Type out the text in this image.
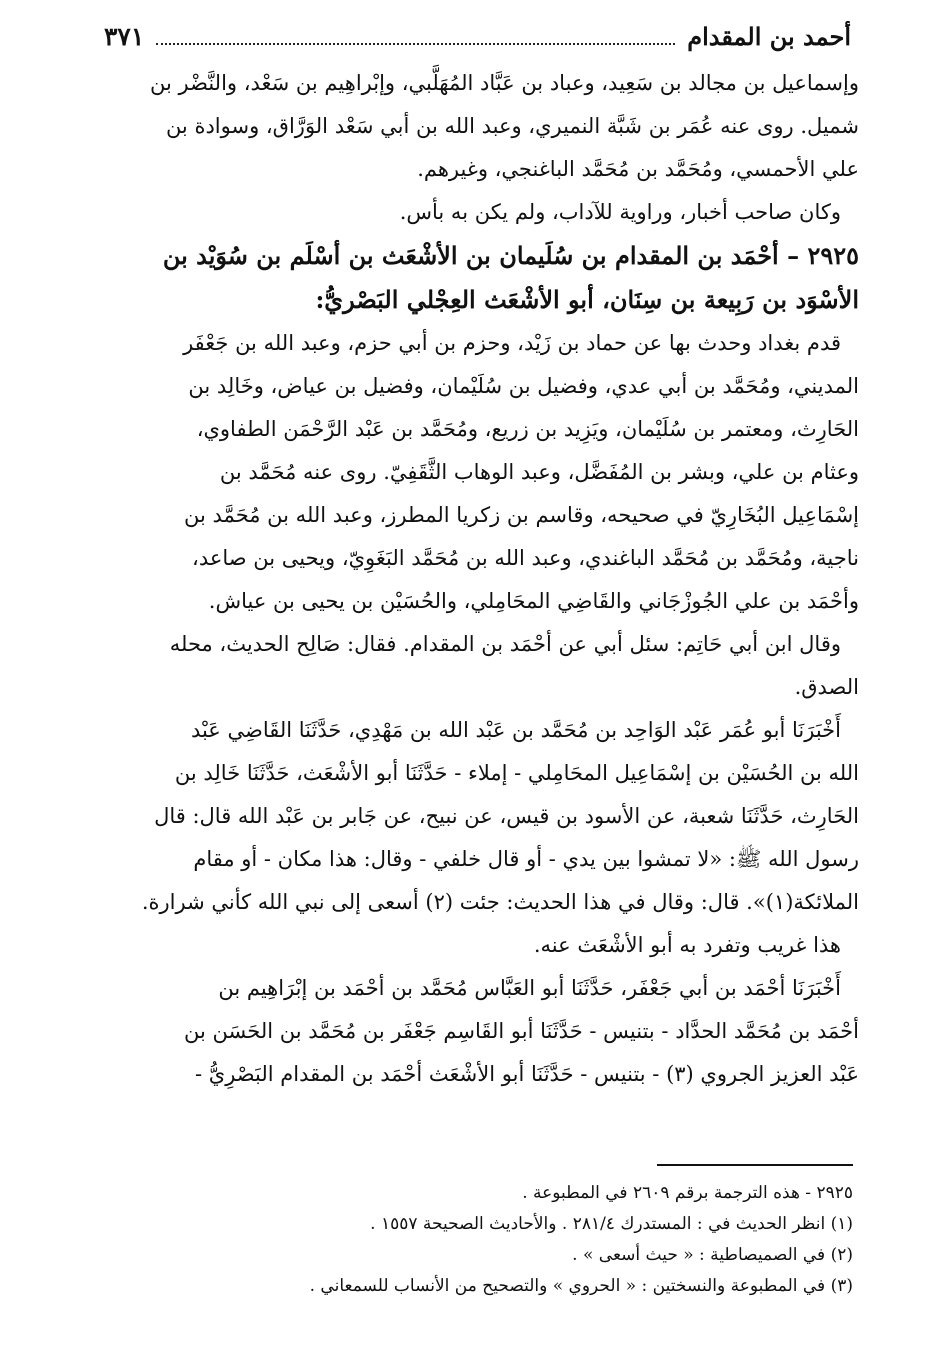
أحمد بن المقدام
٣٧١
وإسماعيل بن مجالد بن سَعِيد، وعباد بن عَبَّاد المُهَلَّبي، وإبْراهِيم بن سَعْد، والنَّضْر بن
شميل. روى عنه عُمَر بن شَبَّة النميري، وعبد الله بن أبي سَعْد الوَرَّاق، وسوادة بن
علي الأحمسي، ومُحَمَّد بن مُحَمَّد الباغنجي، وغيرهم.
وكان صاحب أخبار، وراوية للآداب، ولم يكن به بأس.
٢٩٢٥ – أحْمَد بن المقدام بن سُلَيمان بن الأشْعَث بن أسْلَم بن سُوَيْد بن
الأسْوَد بن رَبِيعة بن سِنَان، أبو الأشْعَث العِجْلي البَصْريُّ:
قدم بغداد وحدث بها عن حماد بن زَيْد، وحزم بن أبي حزم، وعبد الله بن جَعْفَر
المديني، ومُحَمَّد بن أبي عدي، وفضيل بن سُلَيْمان، وفضيل بن عياض، وخَالِد بن
الحَارِث، ومعتمر بن سُلَيْمان، ويَزِيد بن زريع، ومُحَمَّد بن عَبْد الرَّحْمَن الطفاوي،
وعثام بن علي، وبشر بن المُفَضَّل، وعبد الوهاب الثَّقَفِيّ. روى عنه مُحَمَّد بن
إسْمَاعِيل البُخَارِيّ في صحيحه، وقاسم بن زكريا المطرز، وعبد الله بن مُحَمَّد بن
ناجية، ومُحَمَّد بن مُحَمَّد الباغندي، وعبد الله بن مُحَمَّد البَغَوِيّ، ويحيى بن صاعد،
وأحْمَد بن علي الجُوزْجَاني والقَاضِي المحَامِلي، والحُسَيْن بن يحيى بن عياش.
وقال ابن أبي حَاتِم: سئل أبي عن أحْمَد بن المقدام. فقال: صَالِح الحديث، محله
الصدق.
أَخْبَرَنَا أبو عُمَر عَبْد الوَاحِد بن مُحَمَّد بن عَبْد الله بن مَهْدِي، حَدَّثَنَا القَاضِي عَبْد
الله بن الحُسَيْن بن إسْمَاعِيل المحَامِلي - إملاء - حَدَّثَنَا أبو الأشْعَث، حَدَّثَنَا خَالِد بن
الحَارِث، حَدَّثَنَا شعبة، عن الأسود بن قيس، عن نبيح، عن جَابر بن عَبْد الله قال: قال
رسول الله ﷺ: «لا تمشوا بين يدي - أو قال خلفي - وقال: هذا مكان - أو مقام
الملائكة(١)». قال: وقال في هذا الحديث: جئت (٢) أسعى إلى نبي الله كأني شرارة.
هذا غريب وتفرد به أبو الأشْعَث عنه.
أَخْبَرَنَا أحْمَد بن أبي جَعْفَر، حَدَّثَنَا أبو العَبَّاس مُحَمَّد بن أحْمَد بن إبْرَاهِيم بن
أحْمَد بن مُحَمَّد الحدَّاد - بتنيس - حَدَّثَنَا أبو القَاسِم جَعْفَر بن مُحَمَّد بن الحَسَن بن
عَبْد العزيز الجروي (٣) - بتنيس - حَدَّثَنَا أبو الأشْعَث أحْمَد بن المقدام البَصْرِيُّ -
٢٩٢٥ - هذه الترجمة برقم ٢٦٠٩ في المطبوعة .
(١) انظر الحديث في : المستدرك ٢٨١/٤ . والأحاديث الصحيحة ١٥٥٧ .
(٢) في الصميصاطية : « حيث أسعى » .
(٣) في المطبوعة والنسختين : « الحروي » والتصحيح من الأنساب للسمعاني .
